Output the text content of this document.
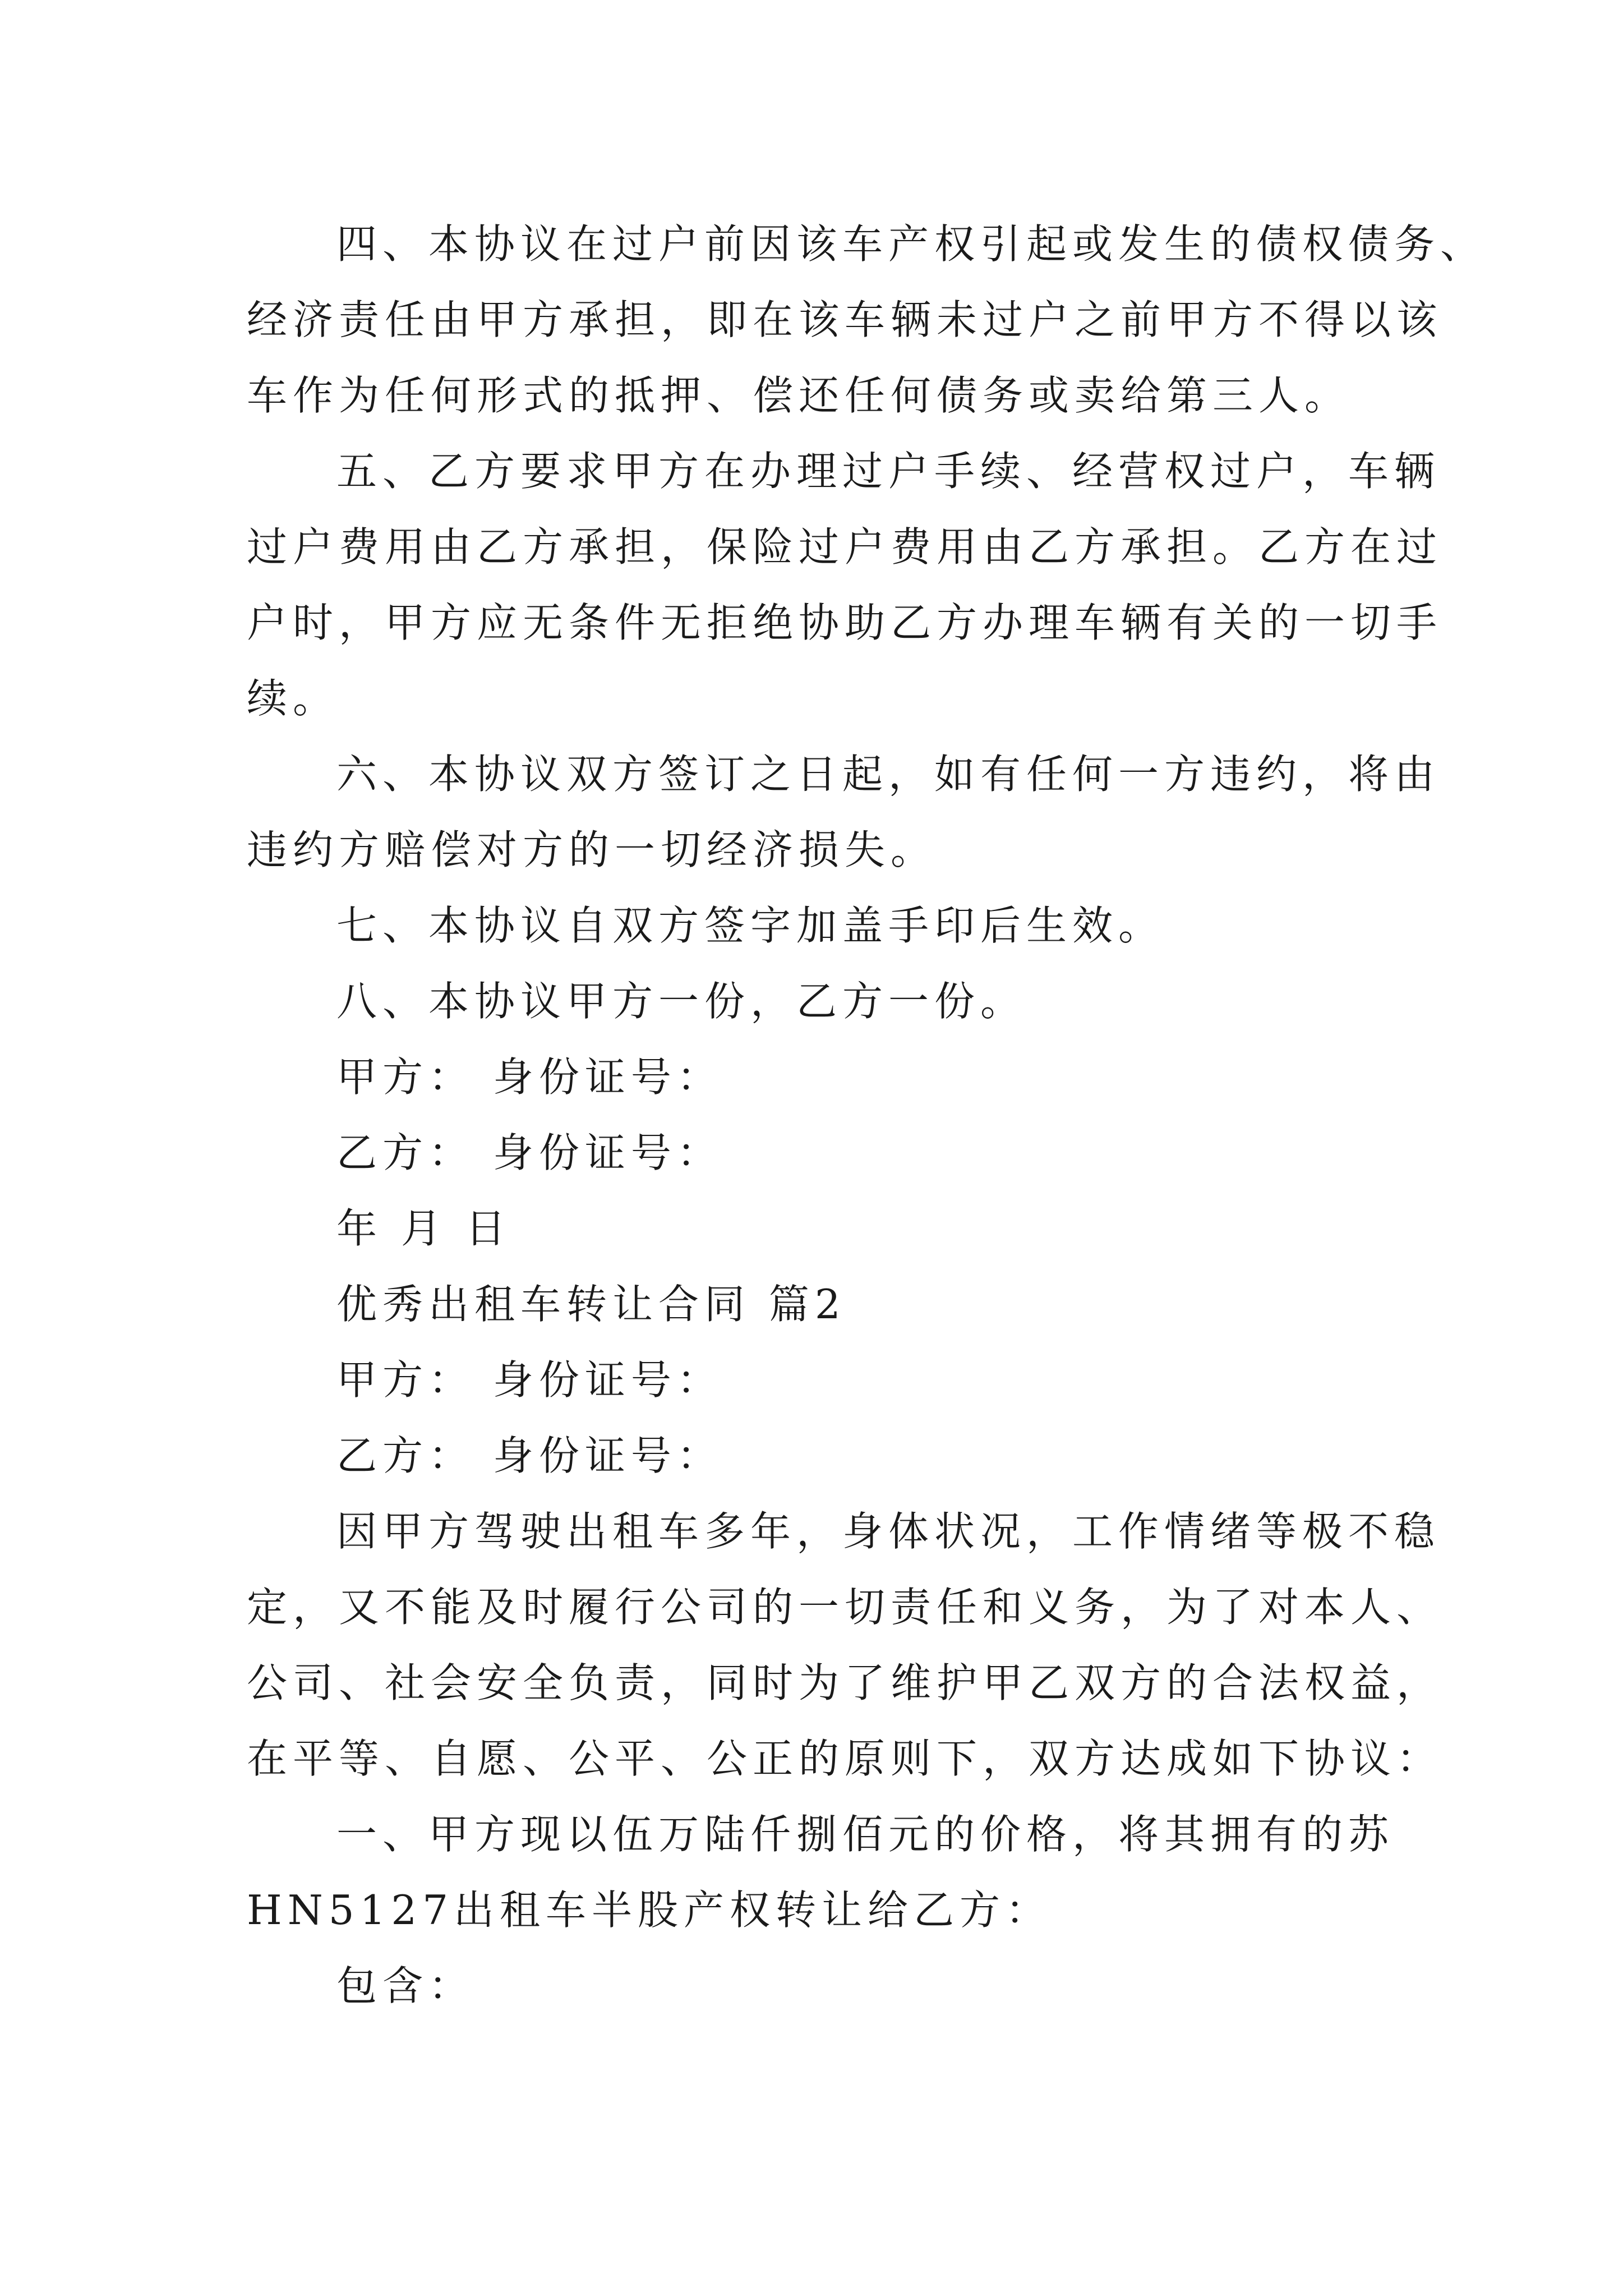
四、本协议在过户前因该车产权引起或发生的债权债务、
经济责任由甲方承担，即在该车辆未过户之前甲方不得以该
车作为任何形式的抵押、偿还任何债务或卖给第三人。
五、乙方要求甲方在办理过户手续、经营权过户，车辆
过户费用由乙方承担，保险过户费用由乙方承担。乙方在过
户时，甲方应无条件无拒绝协助乙方办理车辆有关的一切手
续。
六、本协议双方签订之日起，如有任何一方违约，将由
违约方赔偿对方的一切经济损失。
七、本协议自双方签字加盖手印后生效。
八、本协议甲方一份，乙方一份。
甲方： 身份证号：
乙方： 身份证号：
年 月 日
优秀出租车转让合同 篇2
甲方： 身份证号：
乙方： 身份证号：
因甲方驾驶出租车多年，身体状况，工作情绪等极不稳
定，又不能及时履行公司的一切责任和义务，为了对本人、
公司、社会安全负责，同时为了维护甲乙双方的合法权益，
在平等、自愿、公平、公正的原则下，双方达成如下协议：
一、甲方现以伍万陆仟捌佰元的价格，将其拥有的苏
HN5127出租车半股产权转让给乙方：
包含：
